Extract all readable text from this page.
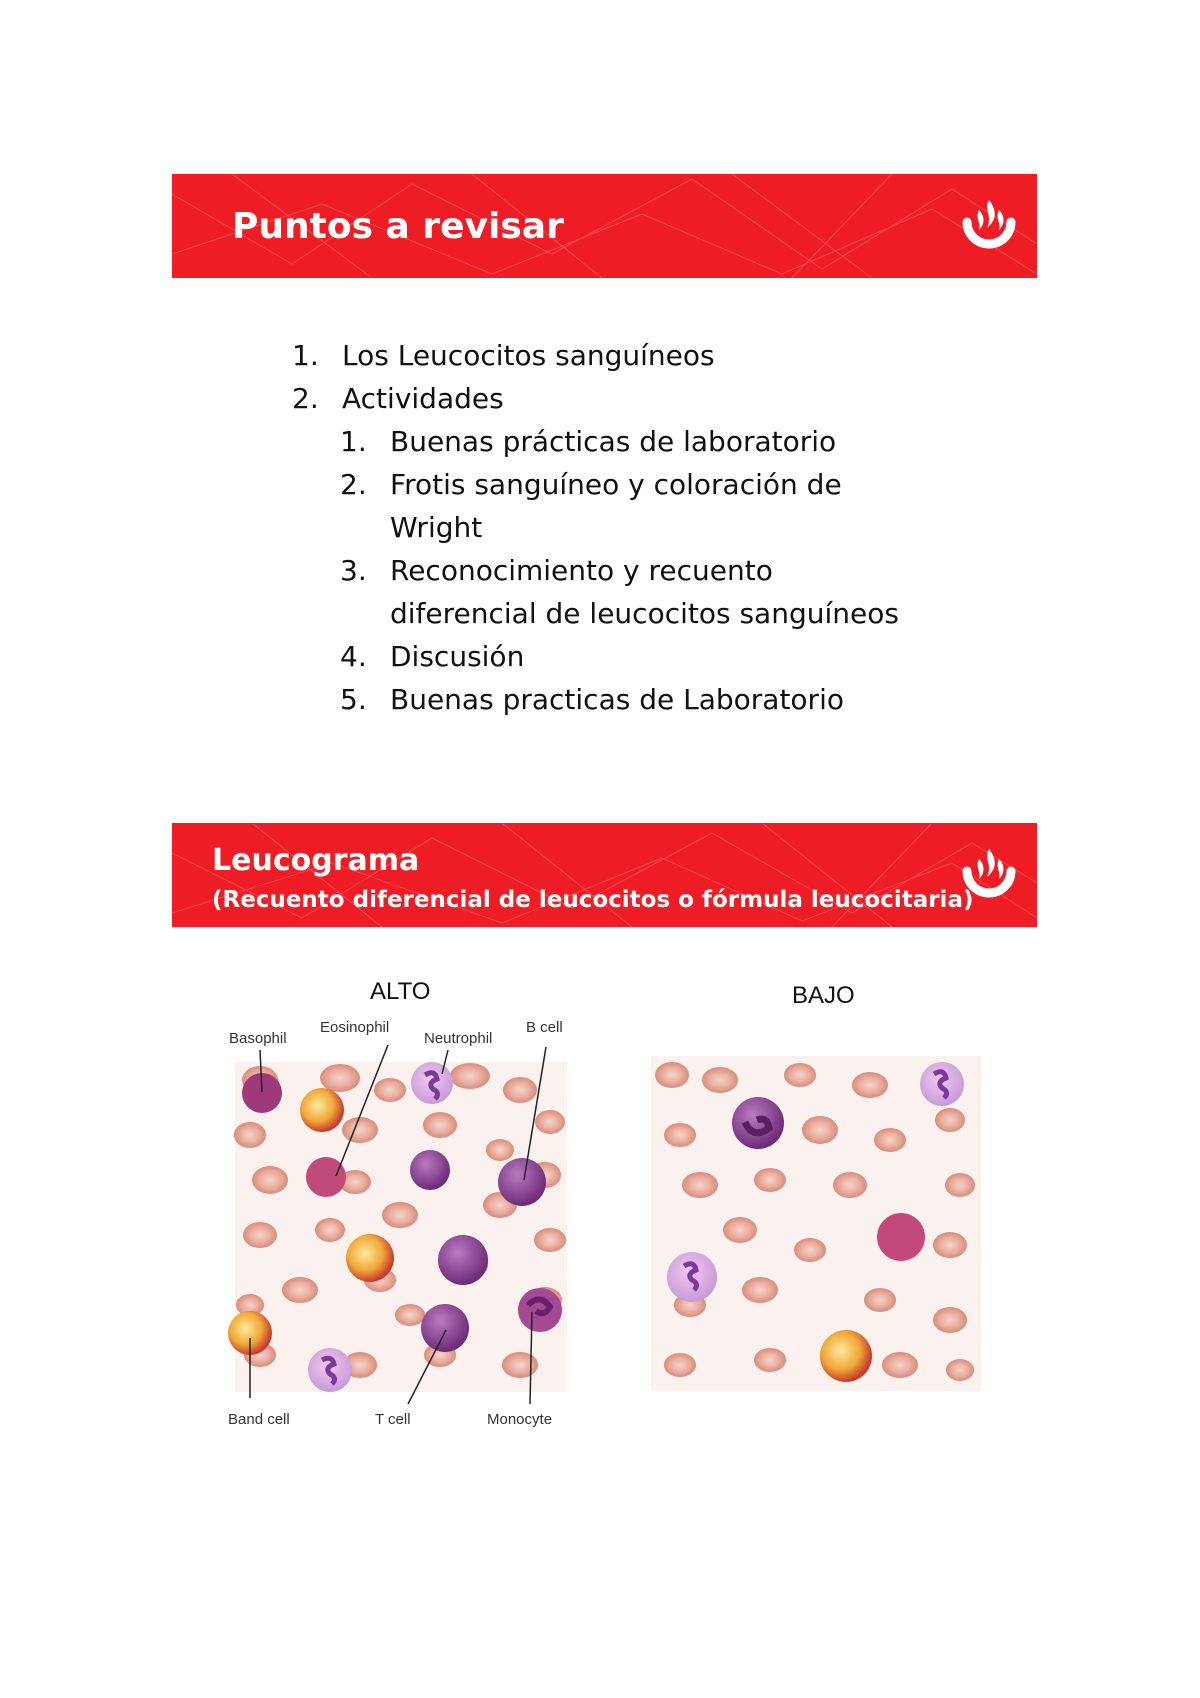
Puntos a revisar
1. Los Leucocitos sanguíneos
2. Actividades
1. Buenas prácticas de laboratorio
2. Frotis sanguíneo y coloración de
Wright
3. Reconocimiento y recuento
diferencial de leucocitos sanguíneos
4. Discusión
5. Buenas practicas de Laboratorio
Leucograma
(Recuento diferencial de leucocitos o fórmula leucocitaria)
ALTO
Basophil
Eosinophil
Neutrophil
B cell
Band cell	T cell	Monocyte
BAJO
